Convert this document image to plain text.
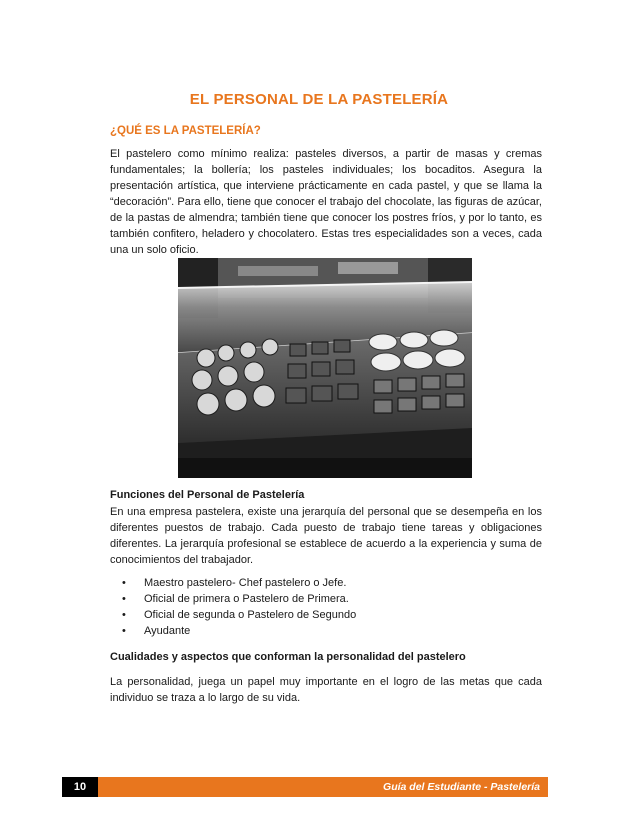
EL PERSONAL DE LA PASTELERÍA
¿QUÉ ES LA PASTELERÍA?

El pastelero como mínimo realiza: pasteles diversos, a partir de masas y cremas fundamentales; la bollería; los pasteles individuales; los bocaditos. Asegura la presentación artística, que interviene prácticamente en cada pastel, y que se llama la “decoración”. Para ello, tiene que conocer el trabajo del chocolate, las figuras de azúcar, de la pastas de almendra; también tiene que conocer los postres fríos, y por lo tanto, es también confitero, heladero y chocolatero. Estas tres especialidades son a veces, cada una un solo oficio.

Funciones del Personal de Pastelería

En una empresa pastelera, existe una jerarquía del personal que se desempeña en los diferentes puestos de trabajo. Cada puesto de trabajo tiene tareas y obligaciones diferentes. La jerarquía profesional se establece de acuerdo a la experiencia y suma de conocimientos del trabajador.

• Maestro pastelero- Chef pastelero o Jefe.
• Oficial de primera o Pastelero de Primera.
• Oficial de segunda o Pastelero de Segundo
• Ayudante
Cualidades y aspectos que conforman la personalidad del pastelero

La personalidad, juega un papel muy importante en el logro de las metas que cada individuo se traza a lo largo de su vida.

10	Guía del Estudiante - Pastelería
